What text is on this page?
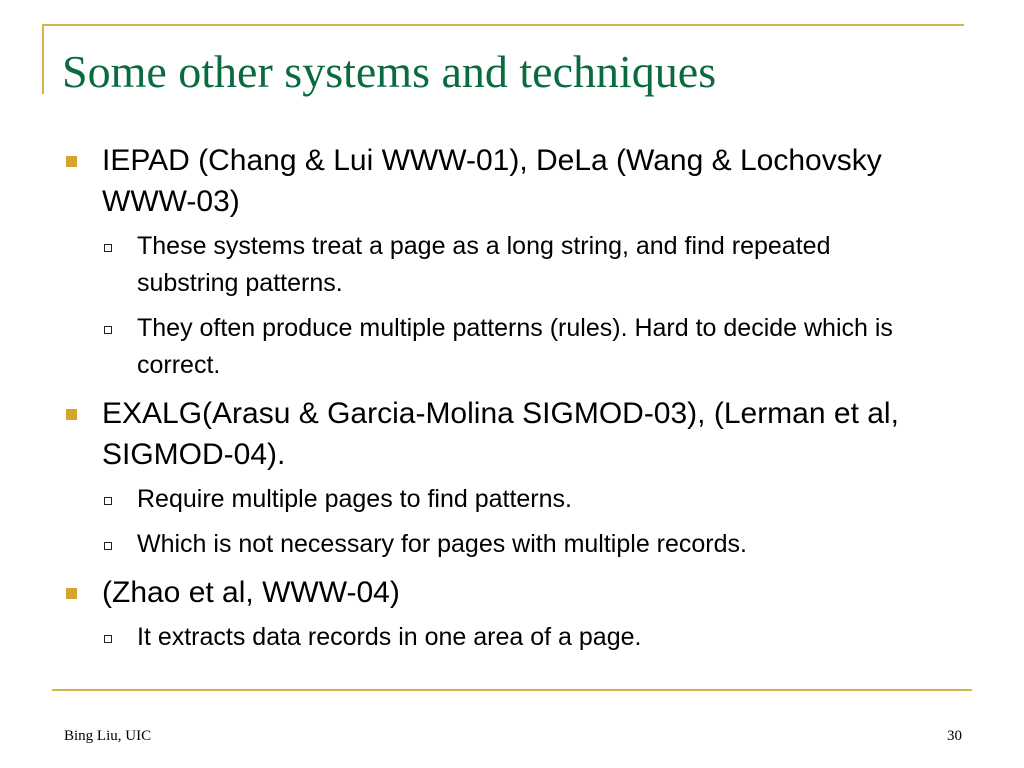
Some other systems and techniques
IEPAD (Chang & Lui WWW-01), DeLa (Wang & Lochovsky WWW-03)
These systems treat a page as a long string, and find repeated substring patterns.
They often produce multiple patterns (rules). Hard to decide which is correct.
EXALG(Arasu & Garcia-Molina SIGMOD-03), (Lerman et al, SIGMOD-04).
Require multiple pages to find patterns.
Which is not necessary for pages with multiple records.
(Zhao et al, WWW-04)
It extracts data records in one area of a page.
Bing Liu, UIC	30
